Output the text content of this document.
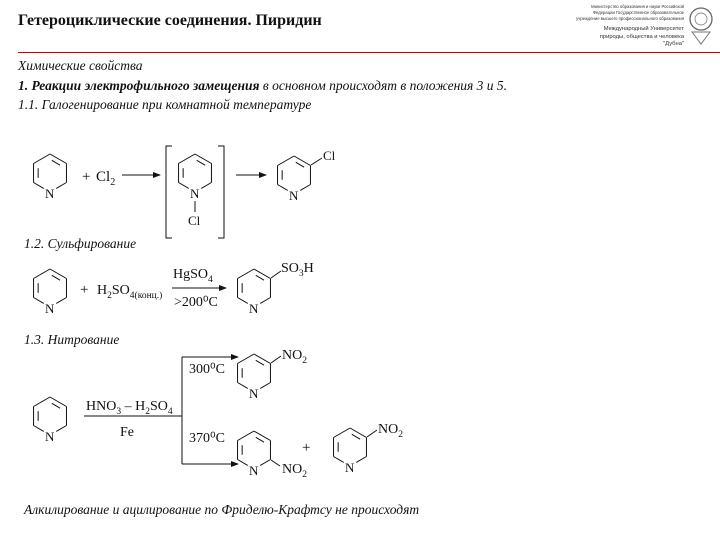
Гетероциклические соединения. Пиридин
Министерство образования и науки Российской Федерации Государственное образовательное учреждение высшего профессионального образования
Международный Университет
природы, общества и человека
"Дубна"
Химические свойства
1. Реакции электрофильного замещения в основном происходят в положения 3 и 5.
1.1. Галогенирование при комнатной температуре
1.2. Сульфирование
1.3. Нитрование
Алкилирование и ацилирование по Фриделю-Крафтсу не происходят
N
+ $Cl_2$
N
Cl
N
Cl
N
+ $H_2SO_{4(конц.)}$
HgSO$_4$
>200⁰C N
$SO_3H$
N
$HNO_3 - H_2SO_4$
Fe
300⁰C
370⁰C
N
$NO_2$
N $NO_2$
+
N
$NO_2$
